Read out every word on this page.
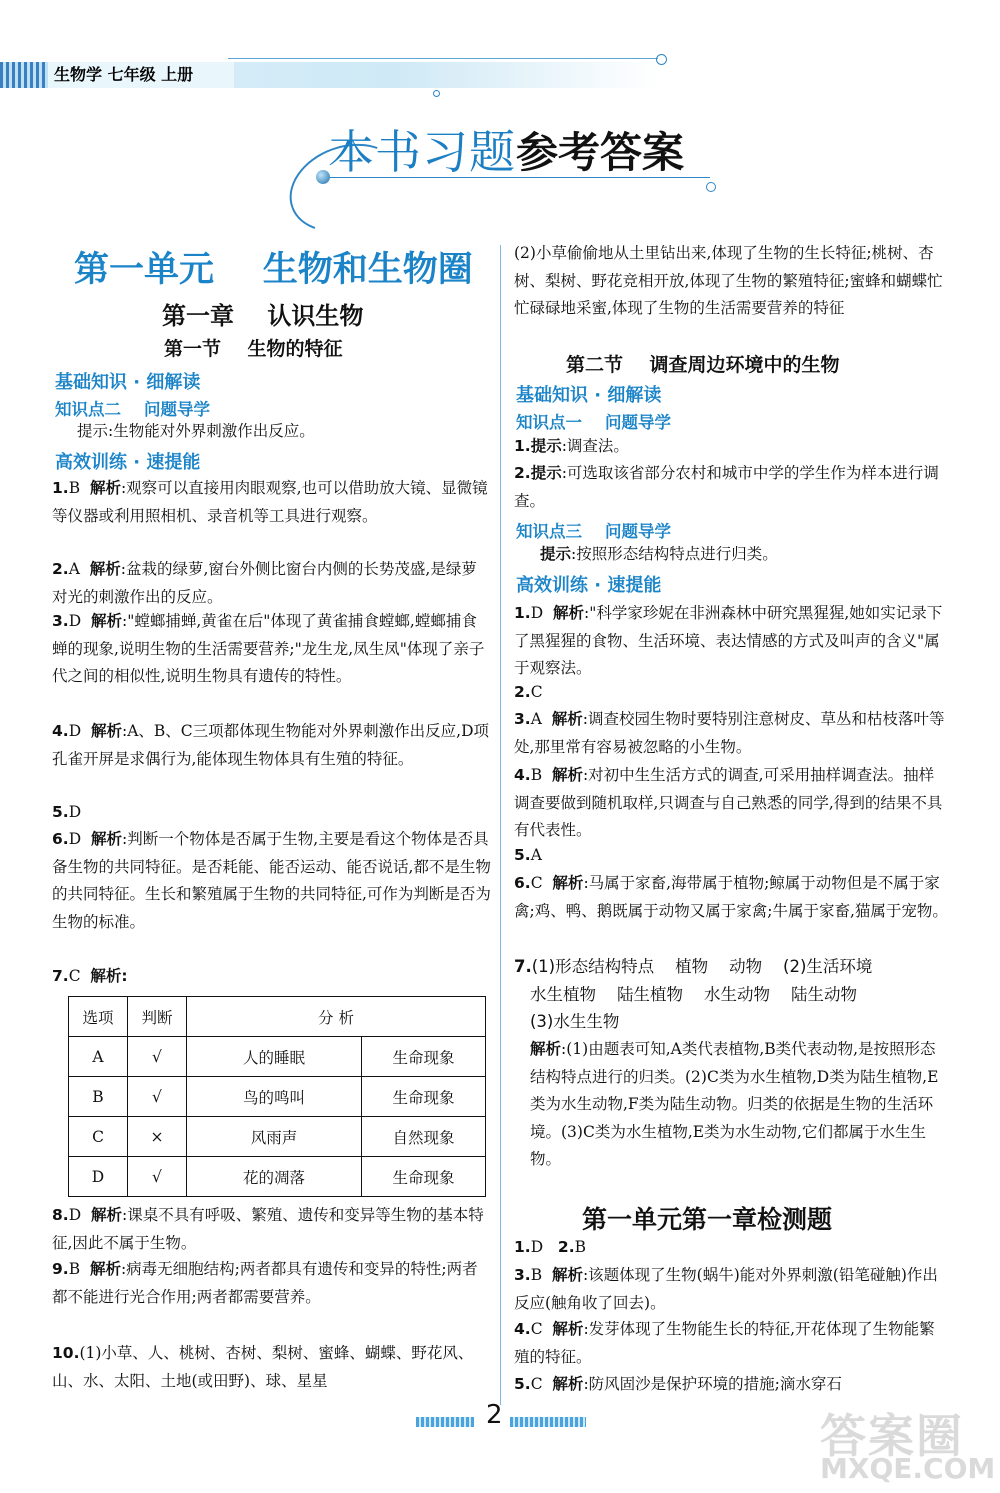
生物学 七年级 上册
本书习题 参考答案
第一单元    生物和生物圈
第一章    认识生物
第一节    生物的特征
基础知识 · 细解读
知识点二    问题导学
提示:生物能对外界刺激作出反应。
高效训练 · 速提能
1.B 解析:观察可以直接用肉眼观察,也可以借助放大镜、显微镜等仪器或利用照相机、录音机等工具进行观察。
2.A 解析:盆栽的绿萝,窗台外侧比窗台内侧的长势茂盛,是绿萝对光的刺激作出的反应。
3.D 解析:"螳螂捕蝉,黄雀在后"体现了黄雀捕食螳螂,螳螂捕食蝉的现象,说明生物的生活需要营养;"龙生龙,凤生凤"体现了亲子代之间的相似性,说明生物具有遗传的特性。
4.D 解析:A、B、C三项都体现生物能对外界刺激作出反应,D项孔雀开屏是求偶行为,能体现生物体具有生殖的特征。
5.D
6.D 解析:判断一个物体是否属于生物,主要是看这个物体是否具备生物的共同特征。是否耗能、能否运动、能否说话,都不是生物的共同特征。生长和繁殖属于生物的共同特征,可作为判断是否为生物的标准。
7.C 解析:
选项	判断	分 析	
A	√	人的睡眠	生命现象
B	√	鸟的鸣叫	生命现象
C	×	风雨声	自然现象
D	√	花的凋落	生命现象
8.D 解析:课桌不具有呼吸、繁殖、遗传和变异等生物的基本特征,因此不属于生物。
9.B 解析:病毒无细胞结构;两者都具有遗传和变异的特性;两者都不能进行光合作用;两者都需要营养。
10.(1)小草、人、桃树、杏树、梨树、蜜蜂、蝴蝶、野花风、山、水、太阳、土地(或田野)、球、星星
(2)小草偷偷地从土里钻出来,体现了生物的生长特征;桃树、杏树、梨树、野花竞相开放,体现了生物的繁殖特征;蜜蜂和蝴蝶忙忙碌碌地采蜜,体现了生物的生活需要营养的特征
第二节    调查周边环境中的生物
基础知识 · 细解读
知识点一    问题导学
1.提示:调查法。
2.提示:可选取该省部分农村和城市中学的学生作为样本进行调查。
知识点三    问题导学
提示:按照形态结构特点进行归类。
高效训练 · 速提能
1.D 解析:"科学家珍妮在非洲森林中研究黑猩猩,她如实记录下了黑猩猩的食物、生活环境、表达情感的方式及叫声的含义"属于观察法。
2.C
3.A 解析:调查校园生物时要特别注意树皮、草丛和枯枝落叶等处,那里常有容易被忽略的小生物。
4.B 解析:对初中生生活方式的调查,可采用抽样调查法。抽样调查要做到随机取样,只调查与自己熟悉的同学,得到的结果不具有代表性。
5.A
6.C 解析:马属于家畜,海带属于植物;鲸属于动物但是不属于家禽;鸡、鸭、鹅既属于动物又属于家禽;牛属于家畜,猫属于宠物。
7.(1)形态结构特点    植物    动物    (2)生活环境
水生植物    陆生植物    水生动物    陆生动物
(3)水生生物
解析:(1)由题表可知,A类代表植物,B类代表动物,是按照形态结构特点进行的归类。(2)C类为水生植物,D类为陆生植物,E类为水生动物,F类为陆生动物。归类的依据是生物的生活环境。(3)C类为水生植物,E类为水生动物,它们都属于水生生物。
第一单元第一章检测题
1.D 2.B
3.B 解析:该题体现了生物(蜗牛)能对外界刺激(铅笔碰触)作出反应(触角收了回去)。
4.C 解析:发芽体现了生物能生长的特征,开花体现了生物能繁殖的特征。
5.C 解析:防风固沙是保护环境的措施;滴水穿石
2	答案圈
MXQE.COM
